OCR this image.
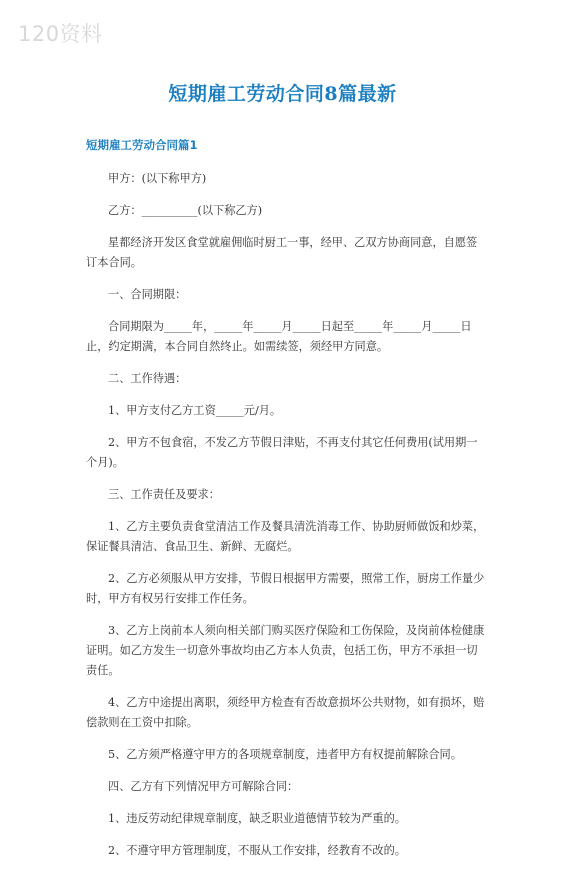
120资料
短期雇工劳动合同8篇最新
短期雇工劳动合同篇1

甲方：(以下称甲方)

乙方：__________(以下称乙方)

星都经济开发区食堂就雇佣临时厨工一事，经甲、乙双方协商同意，自愿签订本合同。

一、合同期限：

合同期限为_____年，_____年_____月_____日起至_____年_____月_____日止，约定期满，本合同自然终止。如需续签，须经甲方同意。

二、工作待遇：

1、甲方支付乙方工资_____元/月。

2、甲方不包食宿，不发乙方节假日津贴，不再支付其它任何费用(试用期一个月)。

三、工作责任及要求：

1、乙方主要负责食堂清洁工作及餐具清洗消毒工作、协助厨师做饭和炒菜，保证餐具清洁、食品卫生、新鲜、无腐烂。

2、乙方必须服从甲方安排，节假日根据甲方需要，照常工作，厨房工作量少时，甲方有权另行安排工作任务。

3、乙方上岗前本人须向相关部门购买医疗保险和工伤保险，及岗前体检健康证明。如乙方发生一切意外事故均由乙方本人负责，包括工伤，甲方不承担一切责任。

4、乙方中途提出离职，须经甲方检查有否故意损坏公共财物，如有损坏，赔偿款则在工资中扣除。

5、乙方须严格遵守甲方的各项规章制度，违者甲方有权提前解除合同。

四、乙方有下列情况甲方可解除合同：

1、违反劳动纪律规章制度，缺乏职业道德情节较为严重的。

2、不遵守甲方管理制度，不服从工作安排，经教育不改的。
